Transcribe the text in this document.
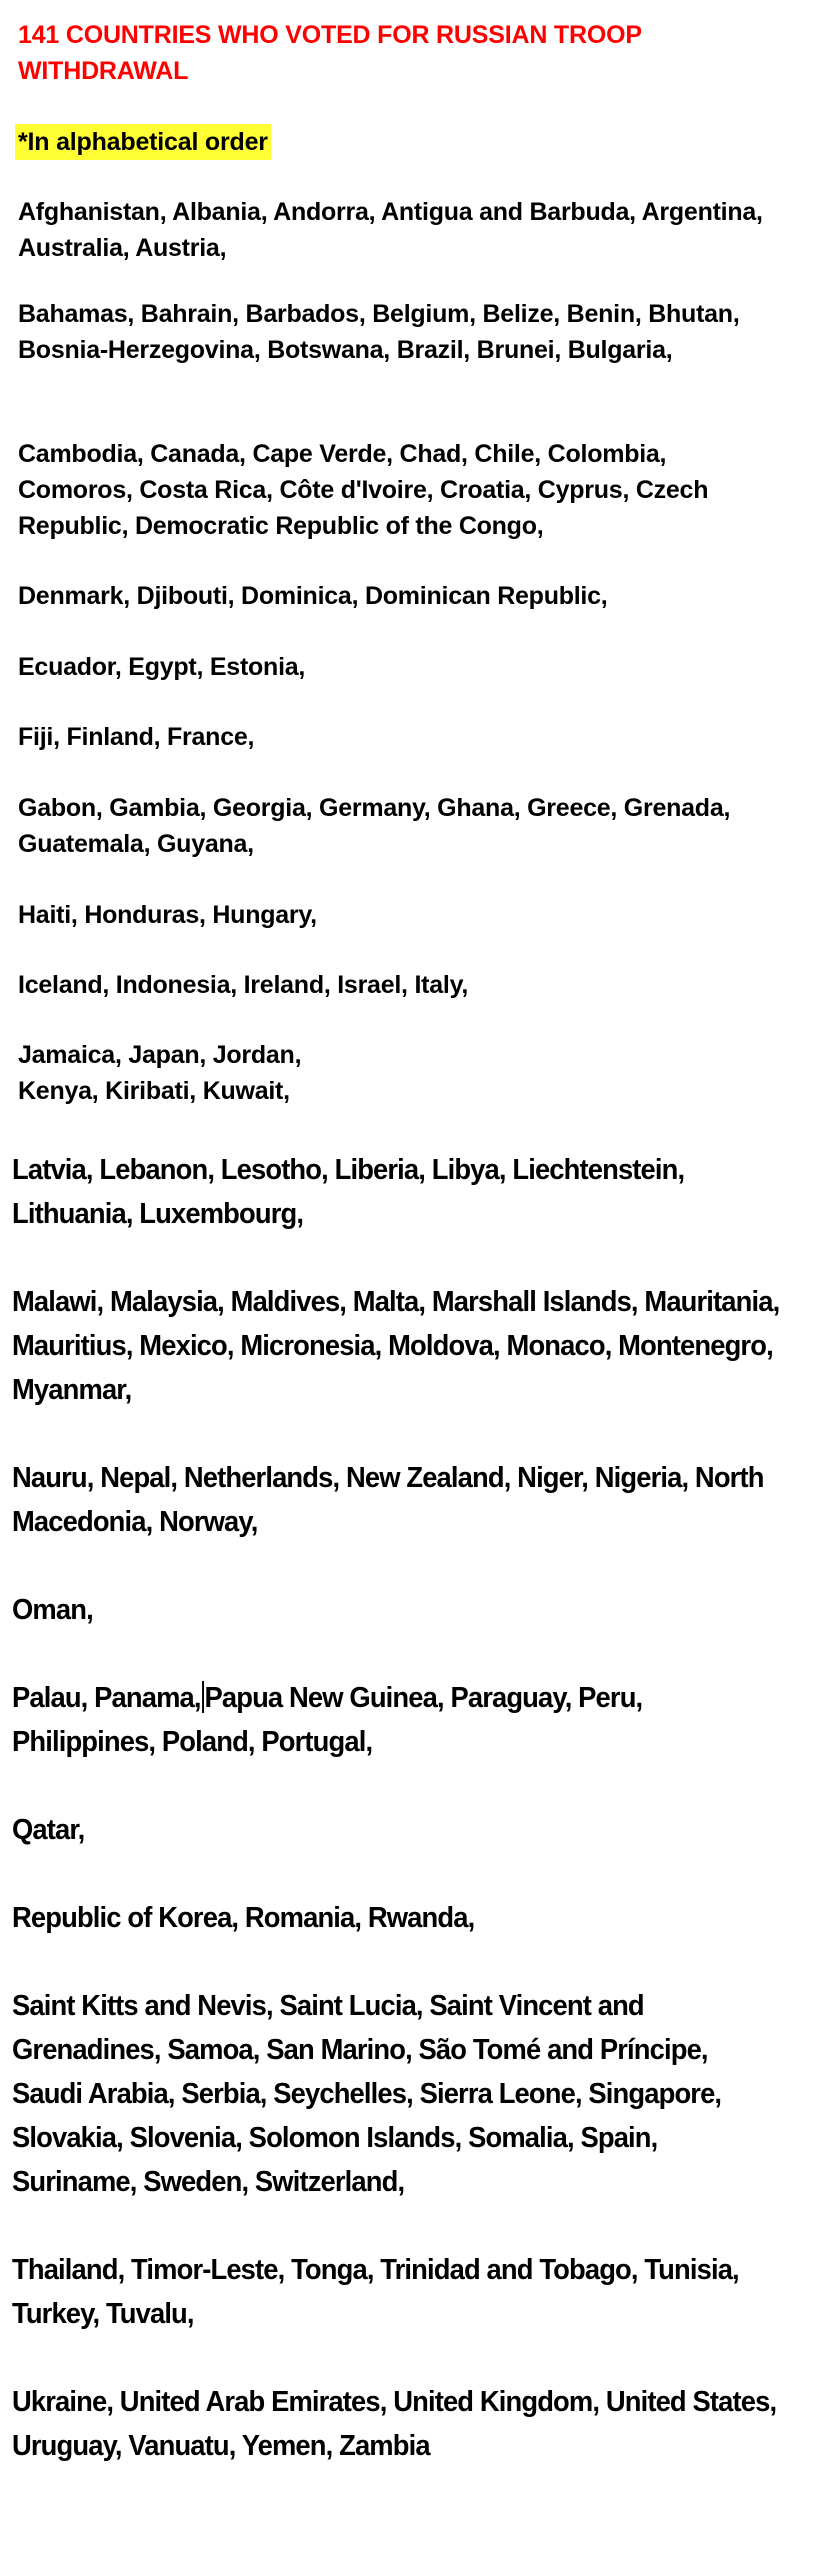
141 COUNTRIES WHO VOTED FOR RUSSIAN TROOP WITHDRAWAL
*In alphabetical order
Afghanistan, Albania, Andorra, Antigua and Barbuda, Argentina, Australia, Austria,
Bahamas, Bahrain, Barbados, Belgium, Belize, Benin, Bhutan, Bosnia-Herzegovina, Botswana, Brazil, Brunei, Bulgaria,
Cambodia, Canada, Cape Verde, Chad, Chile, Colombia, Comoros, Costa Rica, Côte d'Ivoire, Croatia, Cyprus, Czech Republic, Democratic Republic of the Congo,
Denmark, Djibouti, Dominica, Dominican Republic,
Ecuador, Egypt, Estonia,
Fiji, Finland, France,
Gabon, Gambia, Georgia, Germany, Ghana, Greece, Grenada, Guatemala, Guyana,
Haiti, Honduras, Hungary,
Iceland, Indonesia, Ireland, Israel, Italy,
Jamaica, Japan, Jordan,
Kenya, Kiribati, Kuwait,
Latvia, Lebanon, Lesotho, Liberia, Libya, Liechtenstein, Lithuania, Luxembourg,
Malawi, Malaysia, Maldives, Malta, Marshall Islands, Mauritania, Mauritius, Mexico, Micronesia, Moldova, Monaco, Montenegro, Myanmar,
Nauru, Nepal, Netherlands, New Zealand, Niger, Nigeria, North Macedonia, Norway,
Oman,
Palau, Panama, Papua New Guinea, Paraguay, Peru, Philippines, Poland, Portugal,
Qatar,
Republic of Korea, Romania, Rwanda,
Saint Kitts and Nevis, Saint Lucia, Saint Vincent and Grenadines, Samoa, San Marino, São Tomé and Príncipe, Saudi Arabia, Serbia, Seychelles, Sierra Leone, Singapore, Slovakia, Slovenia, Solomon Islands, Somalia, Spain, Suriname, Sweden, Switzerland,
Thailand, Timor-Leste, Tonga, Trinidad and Tobago, Tunisia, Turkey, Tuvalu,
Ukraine, United Arab Emirates, United Kingdom, United States, Uruguay, Vanuatu, Yemen, Zambia
